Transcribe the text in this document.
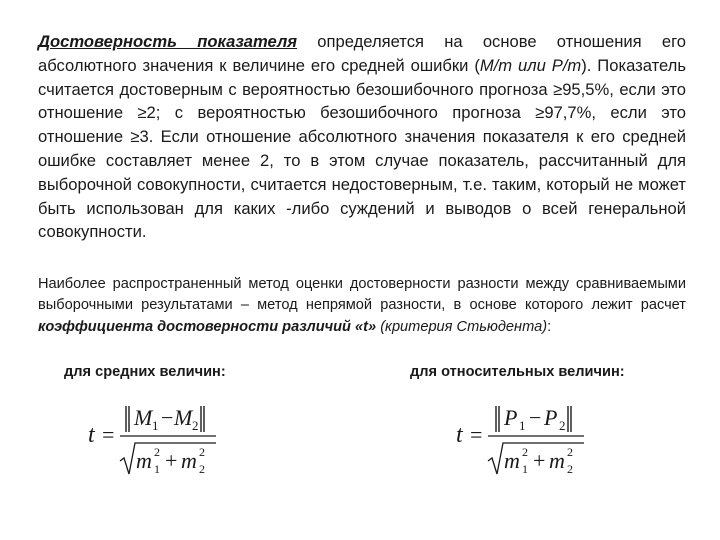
Достоверность показателя определяется на основе отношения его абсолютного значения к величине его средней ошибки (М/m или P/m). Показатель считается достоверным с вероятностью безошибочного прогноза ≥95,5%, если это отношение ≥2; с вероятностью безошибочного прогноза ≥97,7%, если это отношение ≥3. Если отношение абсолютного значения показателя к его средней ошибке составляет менее 2, то в этом случае показатель, рассчитанный для выборочной совокупности, считается недостоверным, т.е. таким, который не может быть использован для каких -либо суждений и выводов о всей генеральной совокупности.

Наиболее распространенный метод оценки достоверности разности между сравниваемыми выборочными результатами – метод непрямой разности, в основе которого лежит расчет коэффициента достоверности различий «t» (критерия Стьюдента):

для средних величин:	для относительных величин:
t =
M 1 − M 2
m 1
2 + m 2
2
t =
P 1 − P 2
m 1
2 + m 2
2
